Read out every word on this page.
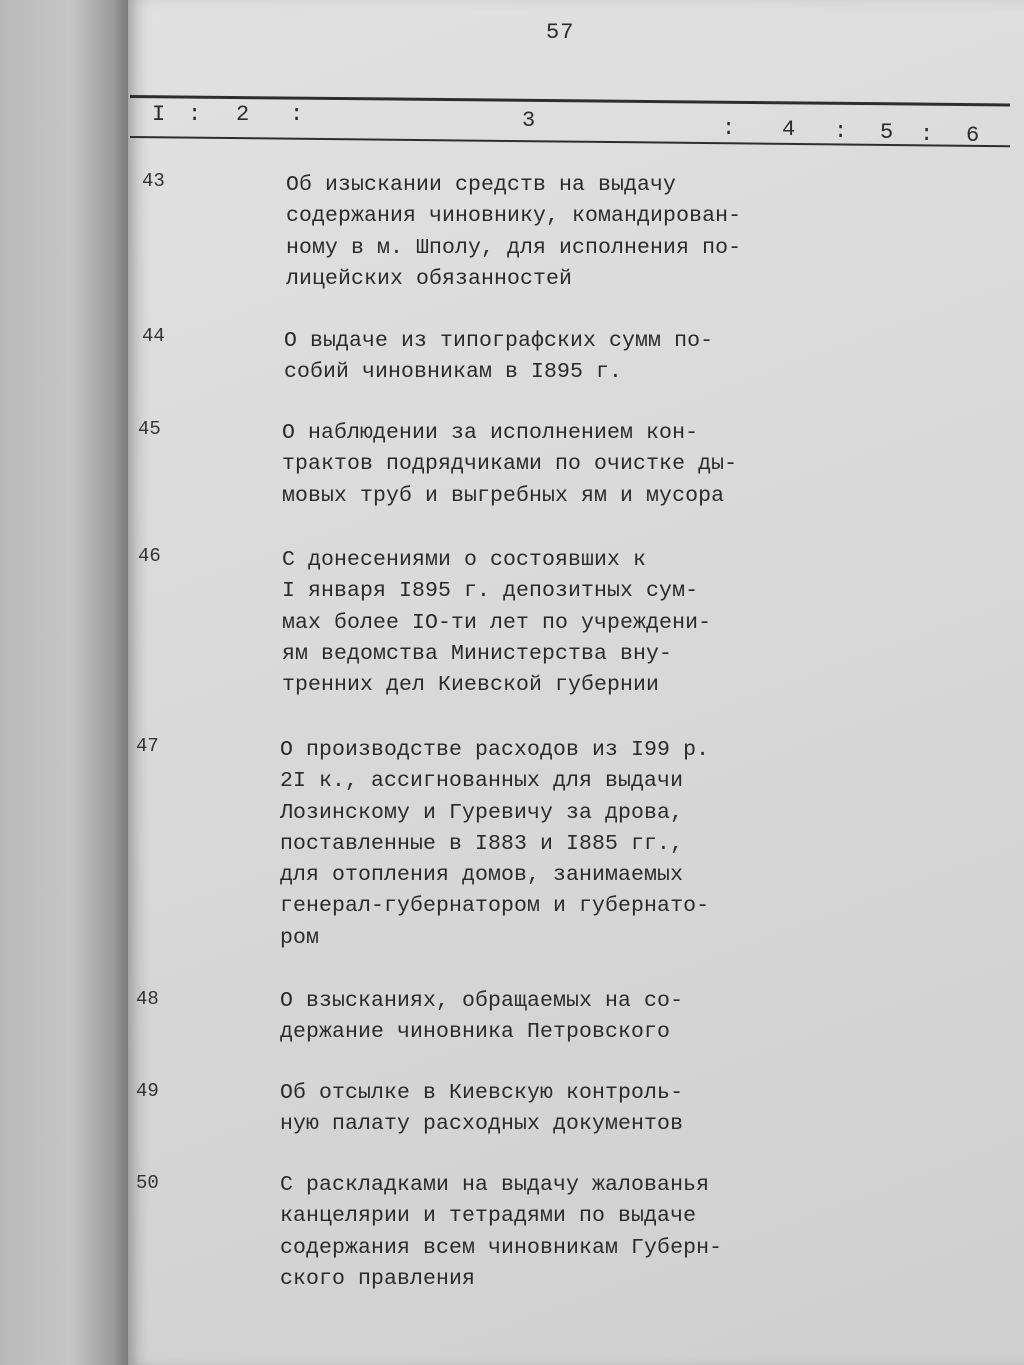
57
I : 2 :	3	: 4 : 5 : 6
43	Об изыскании средств на выдачу
содержания чиновнику, командирован-
ному в м. Шполу, для исполнения по-
лицейских обязанностей
44	О выдаче из типографских сумм по-
собий чиновникам в I895 г.
45	О наблюдении за исполнением кон-
трактов подрядчиками по очистке ды-
мовых труб и выгребных ям и мусора
46	С донесениями о состоявших к
I января I895 г. депозитных сум-
мах более IO-ти лет по учреждени-
ям ведомства Министерства вну-
тренних дел Киевской губернии
47	О производстве расходов из I99 р.
2I к., ассигнованных для выдачи
Лозинскому и Гуревичу за дрова,
поставленные в I883 и I885 гг.,
для отопления домов, занимаемых
генерал-губернатором и губернато-
ром
48	О взысканиях, обращаемых на со-
держание чиновника Петровского
49	Об отсылке в Киевскую контроль-
ную палату расходных документов
50	С раскладками на выдачу жалованья
канцелярии и тетрадями по выдаче
содержания всем чиновникам Губерн-
ского правления
